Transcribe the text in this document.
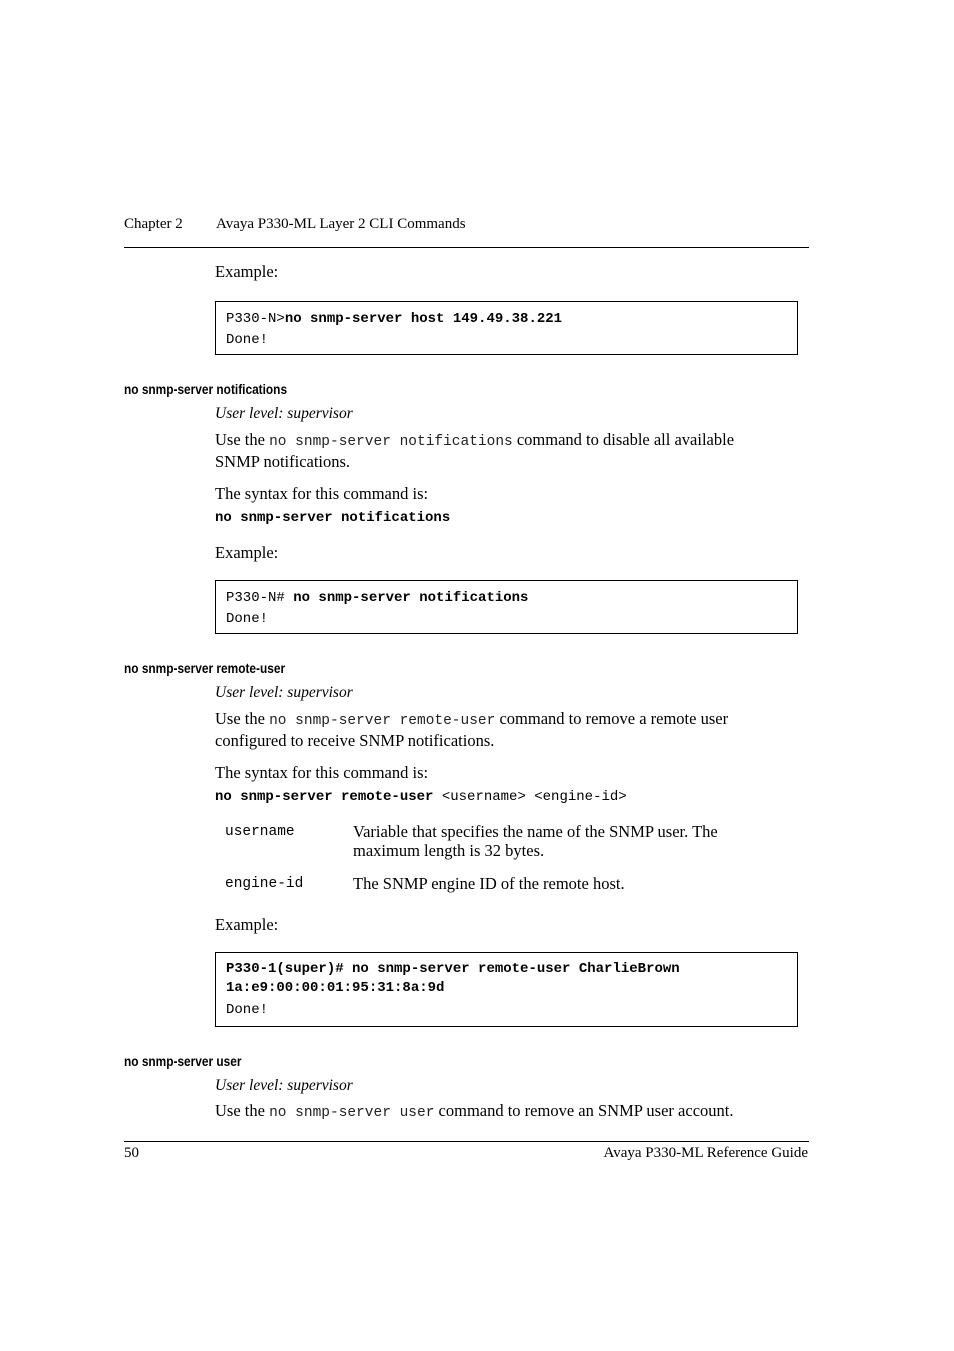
Chapter 2 Avaya P330-ML Layer 2 CLI Commands
Example:
P330-N>no snmp-server host 149.49.38.221
Done!
no snmp-server notifications
User level: supervisor
Use the no snmp-server notifications command to disable all available
SNMP notifications.
The syntax for this command is:
no snmp-server notifications
Example:
P330-N# no snmp-server notifications
Done!
no snmp-server remote-user
User level: supervisor
Use the no snmp-server remote-user command to remove a remote user
configured to receive SNMP notifications.
The syntax for this command is:
no snmp-server remote-user <username> <engine-id>
username	Variable that specifies the name of the SNMP user. The
maximum length is 32 bytes.
engine-id	The SNMP engine ID of the remote host.
Example:
P330-1(super)# no snmp-server remote-user CharlieBrown
1a:e9:00:00:01:95:31:8a:9d
Done!
no snmp-server user
User level: supervisor
Use the no snmp-server user command to remove an SNMP user account.
50	Avaya P330-ML Reference Guide
